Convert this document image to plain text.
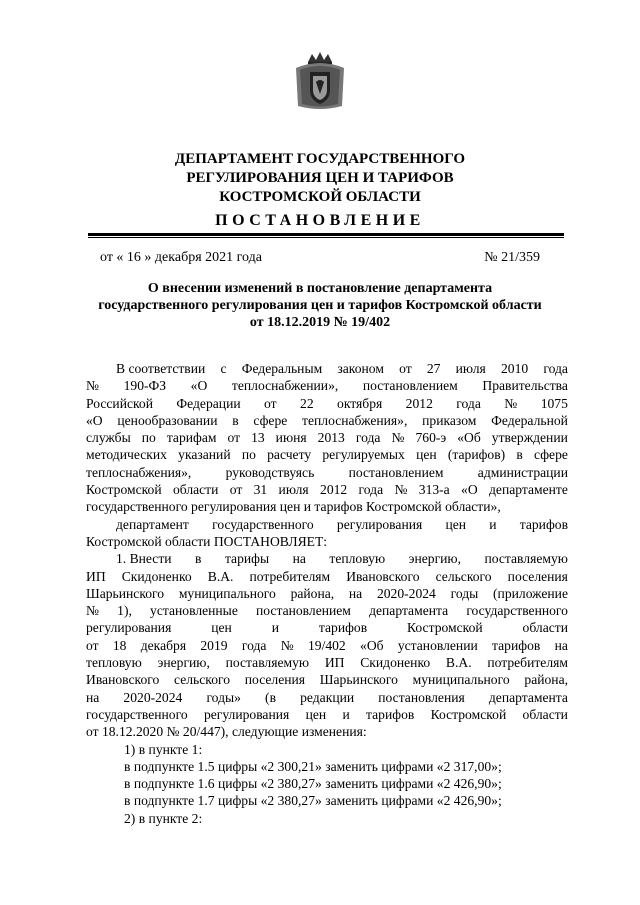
ДЕПАРТАМЕНТ ГОСУДАРСТВЕННОГО
РЕГУЛИРОВАНИЯ ЦЕН И ТАРИФОВ
КОСТРОМСКОЙ ОБЛАСТИ
ПОСТАНОВЛЕНИЕ
от « 16 » декабря 2021 года	№ 21/359
О внесении изменений в постановление департамента
государственного регулирования цен и тарифов Костромской области
от 18.12.2019 № 19/402
В соответствии с Федеральным законом от 27 июля 2010 года
№ 190-ФЗ «О теплоснабжении», постановлением Правительства
Российской Федерации от 22 октября 2012 года № 1075
«О ценообразовании в сфере теплоснабжения», приказом Федеральной
службы по тарифам от 13 июня 2013 года № 760-э «Об утверждении
методических указаний по расчету регулируемых цен (тарифов) в сфере
теплоснабжения»,	руководствуясь	постановлением	администрации
Костромской области от 31 июля 2012 года № 313-а «О департаменте
государственного регулирования цен и тарифов Костромской области»,
департамент государственного регулирования цен и тарифов
Костромской области ПОСТАНОВЛЯЕТ:
1. Внести в тарифы на тепловую энергию, поставляемую
ИП Скидоненко В.А. потребителям Ивановского сельского поселения
Шарьинского муниципального района, на 2020-2024 годы (приложение
№ 1), установленные постановлением департамента государственного
регулирования	цен	и	тарифов	Костромской	области
от 18 декабря 2019 года № 19/402 «Об установлении тарифов на
тепловую энергию, поставляемую ИП Скидоненко В.А. потребителям
Ивановского сельского поселения Шарьинского муниципального района,
на 2020-2024 годы» (в редакции постановления департамента
государственного регулирования цен и тарифов Костромской области
от 18.12.2020 № 20/447), следующие изменения:
1) в пункте 1:
в подпункте 1.5 цифры «2 300,21» заменить цифрами «2 317,00»;
в подпункте 1.6 цифры «2 380,27» заменить цифрами «2 426,90»;
в подпункте 1.7 цифры «2 380,27» заменить цифрами «2 426,90»;
2) в пункте 2:
